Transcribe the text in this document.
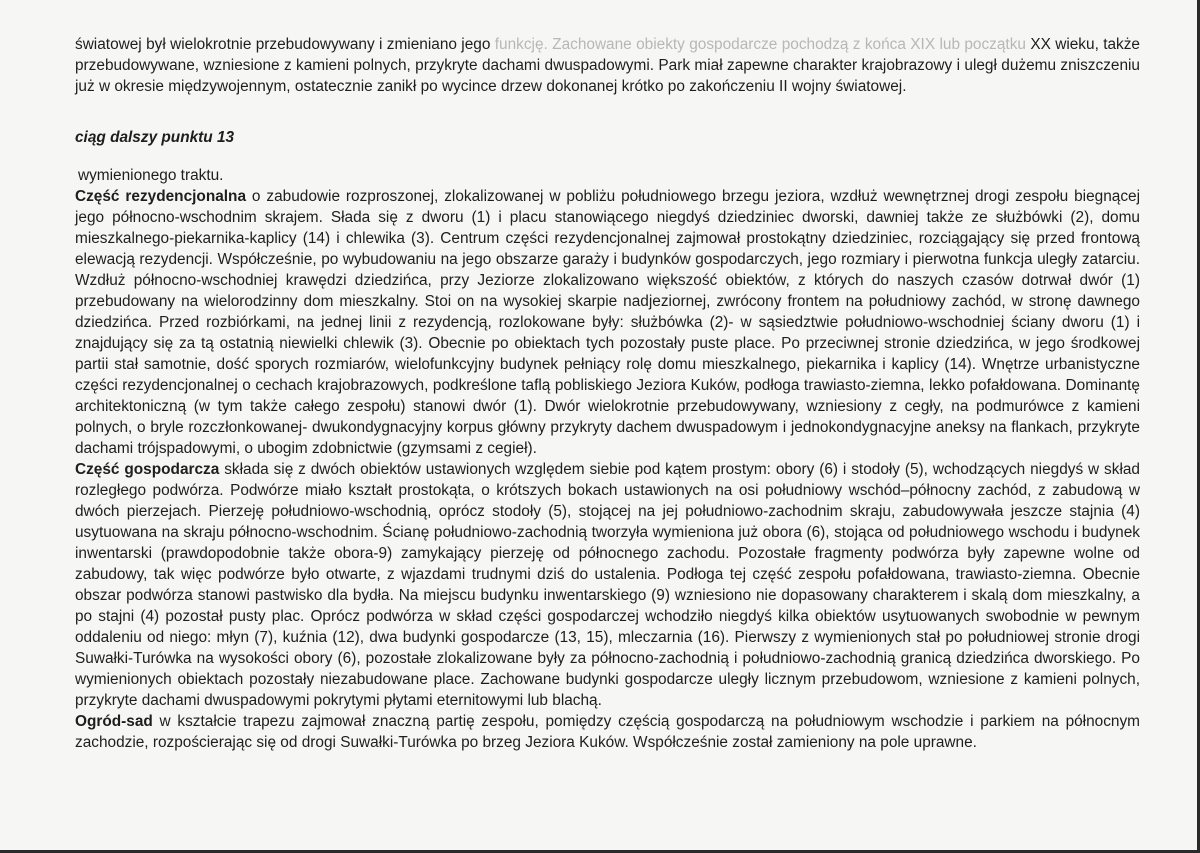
światowej był wielokrotnie przebudowywany i zmieniano jego funkcję. Zachowane obiekty gospodarcze pochodzą z końca XIX lub początku XX wieku, także przebudowywane, wzniesione z kamieni polnych, przykryte dachami dwuspadowymi. Park miał zapewne charakter krajobrazowy i uległ dużemu zniszczeniu już w okresie międzywojennym, ostatecznie zanikł po wycince drzew dokonanej krótko po zakończeniu II wojny światowej.

ciąg dalszy punktu 13

wymienionego traktu.

Część rezydencjonalna o zabudowie rozproszonej, zlokalizowanej w pobliżu południowego brzegu jeziora, wzdłuż wewnętrznej drogi zespołu biegnącej jego północno-wschodnim skrajem. Słada się z dworu (1) i placu stanowiącego niegdyś dziedziniec dworski, dawniej także ze służbówki (2), domu mieszkalnego-piekarnika-kaplicy (14) i chlewika (3). Centrum części rezydencjonalnej zajmował prostokątny dziedziniec, rozciągający się przed frontową elewacją rezydencji. Współcześnie, po wybudowaniu na jego obszarze garaży i budynków gospodarczych, jego rozmiary i pierwotna funkcja uległy zatarciu. Wzdłuż północno-wschodniej krawędzi dziedzińca, przy Jeziorze zlokalizowano większość obiektów, z których do naszych czasów dotrwał dwór (1) przebudowany na wielorodzinny dom mieszkalny. Stoi on na wysokiej skarpie nadjeziornej, zwrócony frontem na południowy zachód, w stronę dawnego dziedzińca. Przed rozbiórkami, na jednej linii z rezydencją, rozlokowane były: służbówka (2)- w sąsiedztwie południowo-wschodniej ściany dworu (1) i znajdujący się za tą ostatnią niewielki chlewik (3). Obecnie po obiektach tych pozostały puste place. Po przeciwnej stronie dziedzińca, w jego środkowej partii stał samotnie, dość sporych rozmiarów, wielofunkcyjny budynek pełniący rolę domu mieszkalnego, piekarnika i kaplicy (14). Wnętrze urbanistyczne części rezydencjonalnej o cechach krajobrazowych, podkreślone taflą pobliskiego Jeziora Kuków, podłoga trawiasto-ziemna, lekko pofałdowana. Dominantę architektoniczną (w tym także całego zespołu) stanowi dwór (1). Dwór wielokrotnie przebudowywany, wzniesiony z cegły, na podmurówce z kamieni polnych, o bryle rozczłonkowanej- dwukondygnacyjny korpus główny przykryty dachem dwuspadowym i jednokondygnacyjne aneksy na flankach, przykryte dachami trójspadowymi, o ubogim zdobnictwie (gzymsami z cegieł).

Część gospodarcza składa się z dwóch obiektów ustawionych względem siebie pod kątem prostym: obory (6) i stodoły (5), wchodzących niegdyś w skład rozległego podwórza. Podwórze miało kształt prostokąta, o krótszych bokach ustawionych na osi południowy wschód–północny zachód, z zabudową w dwóch pierzejach. Pierzeję południowo-wschodnią, oprócz stodoły (5), stojącej na jej południowo-zachodnim skraju, zabudowywała jeszcze stajnia (4) usytuowana na skraju północno-wschodnim. Ścianę południowo-zachodnią tworzyła wymieniona już obora (6), stojąca od południowego wschodu i budynek inwentarski (prawdopodobnie także obora-9) zamykający pierzeję od północnego zachodu. Pozostałe fragmenty podwórza były zapewne wolne od zabudowy, tak więc podwórze było otwarte, z wjazdami trudnymi dziś do ustalenia. Podłoga tej część zespołu pofałdowana, trawiasto-ziemna. Obecnie obszar podwórza stanowi pastwisko dla bydła. Na miejscu budynku inwentarskiego (9) wzniesiono nie dopasowany charakterem i skalą dom mieszkalny, a po stajni (4) pozostał pusty plac. Oprócz podwórza w skład części gospodarczej wchodziło niegdyś kilka obiektów usytuowanych swobodnie w pewnym oddaleniu od niego: młyn (7), kuźnia (12), dwa budynki gospodarcze (13, 15), mleczarnia (16). Pierwszy z wymienionych stał po południowej stronie drogi Suwałki-Turówka na wysokości obory (6), pozostałe zlokalizowane były za północno-zachodnią i południowo-zachodnią granicą dziedzińca dworskiego. Po wymienionych obiektach pozostały niezabudowane place. Zachowane budynki gospodarcze uległy licznym przebudowom, wzniesione z kamieni polnych, przykryte dachami dwuspadowymi pokrytymi płytami eternitowymi lub blachą.

Ogród-sad w kształcie trapezu zajmował znaczną partię zespołu, pomiędzy częścią gospodarczą na południowym wschodzie i parkiem na północnym zachodzie, rozpościerając się od drogi Suwałki-Turówka po brzeg Jeziora Kuków. Współcześnie został zamieniony na pole uprawne.
